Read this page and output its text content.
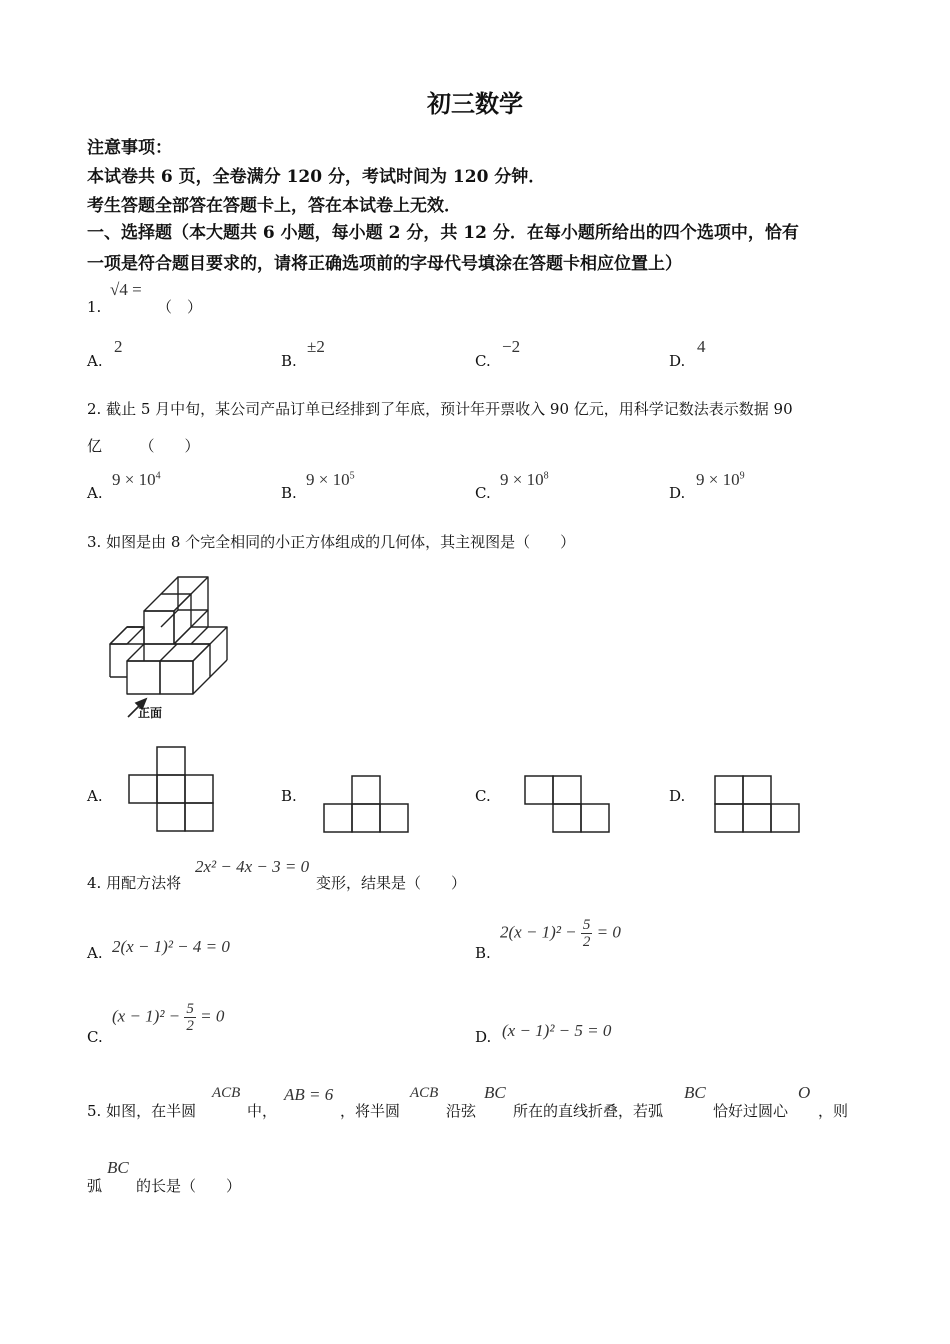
初三数学
注意事项：
本试卷共 6 页，全卷满分 120 分，考试时间为 120 分钟．
考生答题全部答在答题卡上，答在本试卷上无效．
一、选择题（本大题共 6 小题，每小题 2 分，共 12 分．在每小题所给出的四个选项中，恰有
一项是符合题目要求的，请将正确选项前的字母代号填涂在答题卡相应位置上）
1.
√4 =
（　）
A.
2
B.
±2
C.
−2
D.
4
2. 截止 5 月中旬，某公司产品订单已经排到了年底，预计年开票收入 90 亿元，用科学记数法表示数据 90
亿　　　（　　）
A.
$9 \times 10^4$
B.
$9 \times 10^5$
C.
$9 \times 10^8$
D.
$9 \times 10^9$
3. 如图是由 8 个完全相同的小正方体组成的几何体，其主视图是（　　）
正面
A.	B.	C.	D.
4. 用配方法将
2x² − 4x − 3 = 0
变形，结果是（　　）
A. 2(x − 1)² − 4 = 0	B.
$2(x - 1)^2 - \frac{5}{2} = 0$
C.
$(x - 1)^2 - \frac{5}{2} = 0$
D. (x − 1)² − 5 = 0
5. 如图，在半圆
ACB
中，
AB = 6
，将半圆
ACB
沿弦
BC
所在的直线折叠，若弧
BC
恰好过圆心
O
，则
弧
BC
的长是（　　）
